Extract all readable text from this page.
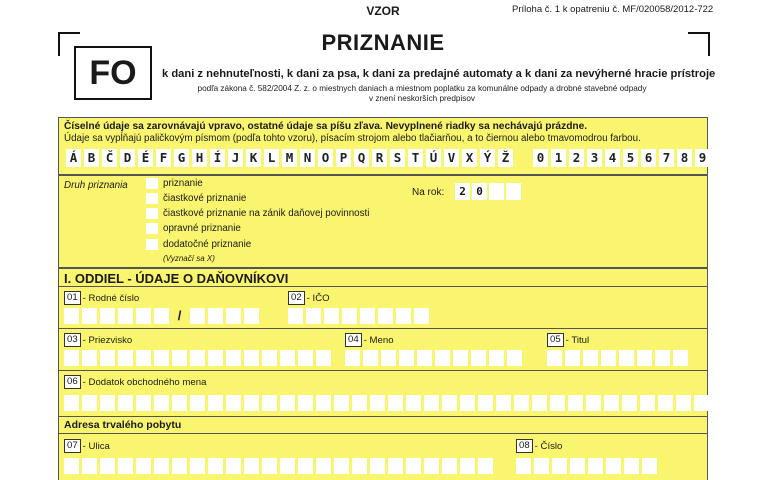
VZOR	Príloha č. 1 k opatreniu č. MF/020058/2012-722
PRIZNANIE
FO	k dani z nehnuteľnosti, k dani za psa, k dani za predajné automaty a k dani za nevýherné hracie prístroje
podľa zákona č. 582/2004 Z. z. o miestnych daniach a miestnom poplatku za komunálne odpady a drobné stavebné odpady
v znení neskorších predpisov
Číselné údaje sa zarovnávajú vpravo, ostatné údaje sa píšu zľava. Nevyplnené riadky sa nechávajú prázdne.
Údaje sa vypĺňajú paličkovým písmom (podľa tohto vzoru), písacím strojom alebo tlačiarňou, a to čiernou alebo tmavomodrou farbou.
Á B Č D É F G H Í J K L M N O P Q R S T Ú V X Ý Ž 0 1 2 3 4 5 6 7 8 9
Druh priznania	priznanie
čiastkové priznanie
čiastkové priznanie na zánik daňovej povinnosti
opravné priznanie
dodatočné priznanie
(Vyznačí sa X)
Na rok:	2 0
I. ODDIEL - ÚDAJE O DAŇOVNÍKOVI
01 - Rodné číslo
/
02 - IČO
03 - Priezvisko	04 - Meno	05 - Titul
06 - Dodatok obchodného mena
Adresa trvalého pobytu
07 - Ulica	08 - Číslo
